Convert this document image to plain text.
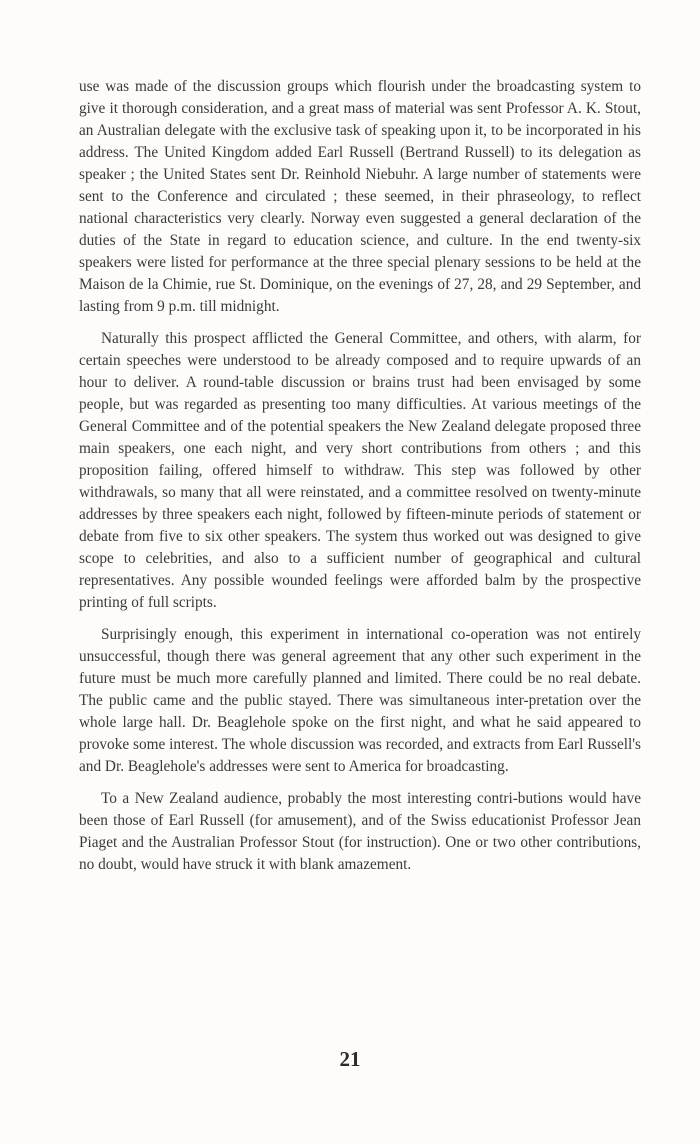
use was made of the discussion groups which flourish under the broadcasting system to give it thorough consideration, and a great mass of material was sent Professor A. K. Stout, an Australian delegate with the exclusive task of speaking upon it, to be incorporated in his address. The United Kingdom added Earl Russell (Bertrand Russell) to its delegation as speaker ; the United States sent Dr. Reinhold Niebuhr. A large number of statements were sent to the Conference and circulated ; these seemed, in their phraseology, to reflect national characteristics very clearly. Norway even suggested a general declaration of the duties of the State in regard to education science, and culture. In the end twenty-six speakers were listed for performance at the three special plenary sessions to be held at the Maison de la Chimie, rue St. Dominique, on the evenings of 27, 28, and 29 September, and lasting from 9 p.m. till midnight.

Naturally this prospect afflicted the General Committee, and others, with alarm, for certain speeches were understood to be already composed and to require upwards of an hour to deliver. A round-table discussion or brains trust had been envisaged by some people, but was regarded as presenting too many difficulties. At various meetings of the General Committee and of the potential speakers the New Zealand delegate proposed three main speakers, one each night, and very short contributions from others ; and this proposition failing, offered himself to withdraw. This step was followed by other withdrawals, so many that all were reinstated, and a committee resolved on twenty-minute addresses by three speakers each night, followed by fifteen-minute periods of statement or debate from five to six other speakers. The system thus worked out was designed to give scope to celebrities, and also to a sufficient number of geographical and cultural representatives. Any possible wounded feelings were afforded balm by the prospective printing of full scripts.

Surprisingly enough, this experiment in international co-operation was not entirely unsuccessful, though there was general agreement that any other such experiment in the future must be much more carefully planned and limited. There could be no real debate. The public came and the public stayed. There was simultaneous inter-pretation over the whole large hall. Dr. Beaglehole spoke on the first night, and what he said appeared to provoke some interest. The whole discussion was recorded, and extracts from Earl Russell's and Dr. Beaglehole's addresses were sent to America for broadcasting.

To a New Zealand audience, probably the most interesting contri-butions would have been those of Earl Russell (for amusement), and of the Swiss educationist Professor Jean Piaget and the Australian Professor Stout (for instruction). One or two other contributions, no doubt, would have struck it with blank amazement.

21
